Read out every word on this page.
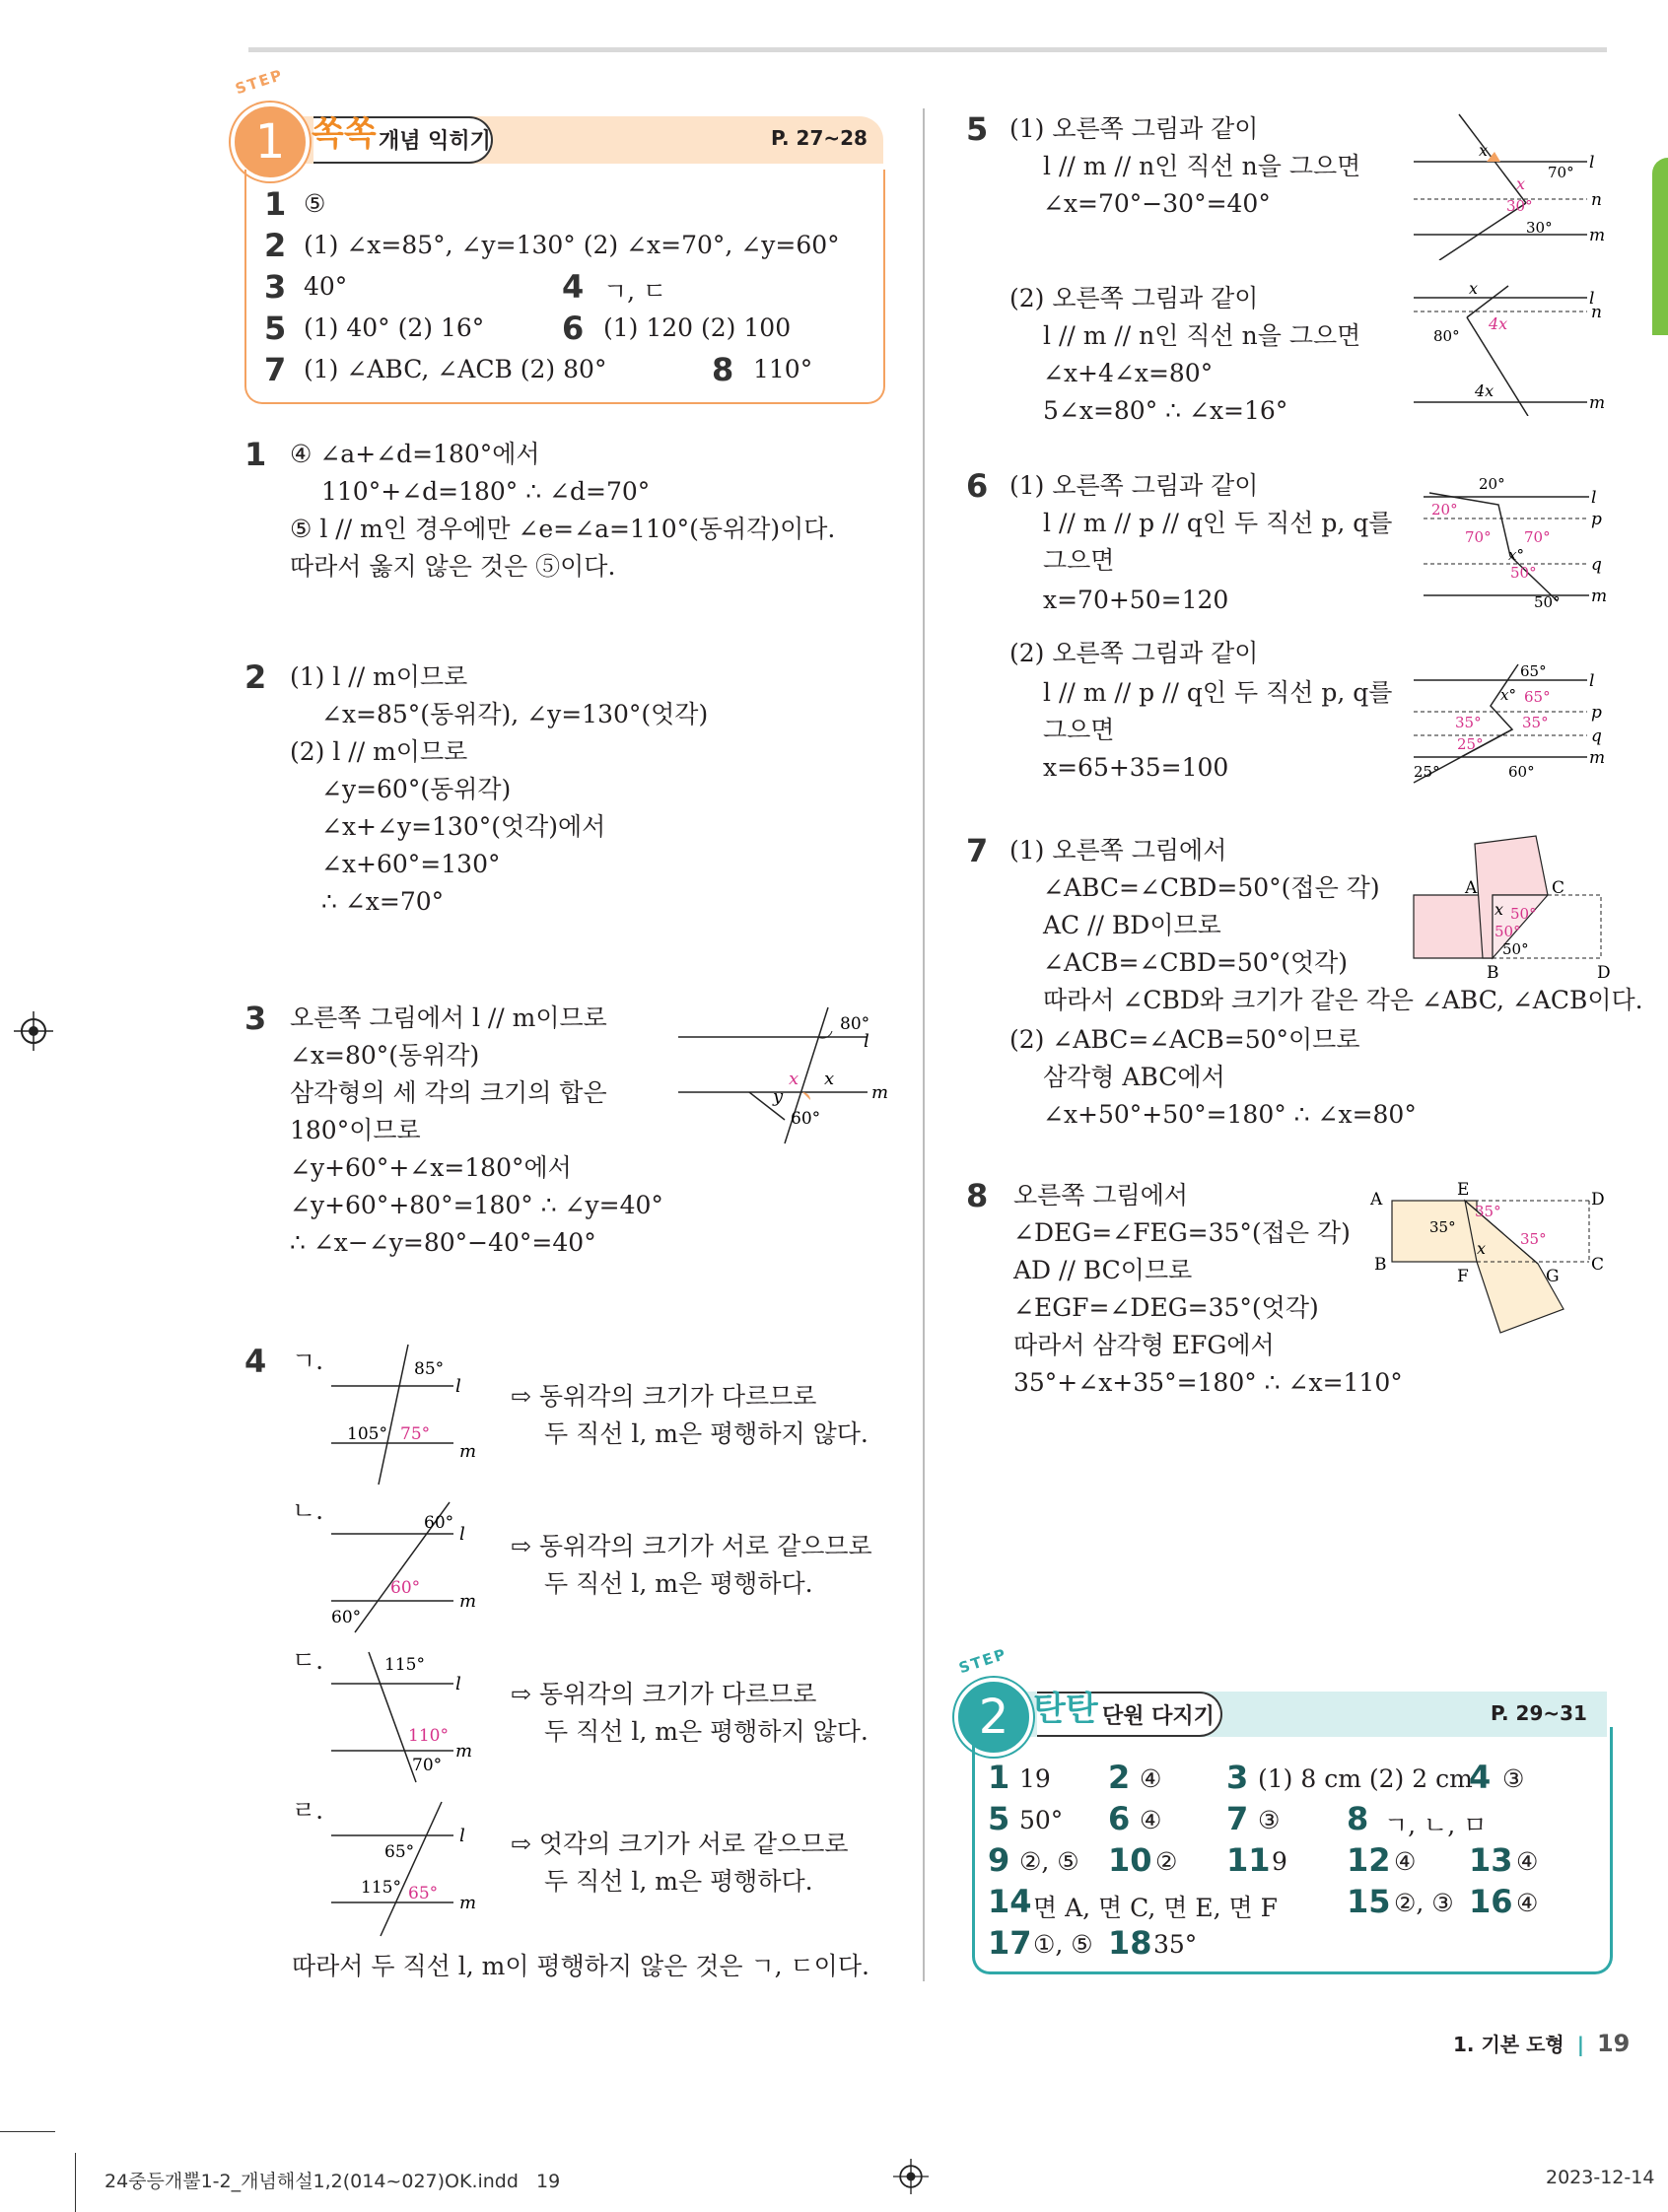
STEP
1 쏙쏙 개념 익히기	P. 27~28
1 ⑤
2 (1) ∠x=85°, ∠y=130° (2) ∠x=70°, ∠y=60°
3 40°	4 ㄱ, ㄷ
5 (1) 40° (2) 16° 6 (1) 120 (2) 100
7 (1) ∠ABC, ∠ACB (2) 80°	8 110°
1 ④ ∠a+∠d=180°에서
110°+∠d=180° ∴ ∠d=70°
⑤ l // m인 경우에만 ∠e=∠a=110°(동위각)이다.
따라서 옳지 않은 것은 ⑤이다.
2 (1) l // m이므로
∠x=85°(동위각), ∠y=130°(엇각)
(2) l // m이므로
∠y=60°(동위각)
∠x+∠y=130°(엇각)에서
∠x+60°=130°
∴ ∠x=70°
3 오른쪽 그림에서 l // m이므로
∠x=80°(동위각)
삼각형의 세 각의 크기의 합은
180°이므로
∠y+60°+∠x=180°에서
∠y+60°+80°=180° ∴ ∠y=40°
∴ ∠x−∠y=80°−40°=40°
80°
l
m
x x
y
60°
4 ㄱ.	85°
105° 75°
l
m
⇨ 동위각의 크기가 다르므로
두 직선 l, m은 평행하지 않다.
ㄴ.	60°
60°
60°
l
m
⇨ 동위각의 크기가 서로 같으므로
두 직선 l, m은 평행하다.
ㄷ.	115°
110°
70°
l
m
⇨ 동위각의 크기가 다르므로
두 직선 l, m은 평행하지 않다.
ㄹ.
65°
115° 65°
l
m
⇨ 엇각의 크기가 서로 같으므로
두 직선 l, m은 평행하다.
따라서 두 직선 l, m이 평행하지 않은 것은 ㄱ, ㄷ이다.
5 (1) 오른쪽 그림과 같이
l // m // n인 직선 n을 그으면
∠x=70°−30°=40°
x
70°
x
30°
30°
l
n
m
(2) 오른쪽 그림과 같이
l // m // n인 직선 n을 그으면
∠x+4∠x=80°
5∠x=80° ∴ ∠x=16°
x
4x
80°
4x
l
n
m
6 (1) 오른쪽 그림과 같이
l // m // p // q인 두 직선 p, q를
그으면
x=70+50=120
20°
20°
70° 70°
x°
50°
50°
l
p
q
m
(2) 오른쪽 그림과 같이
l // m // p // q인 두 직선 p, q를
그으면
x=65+35=100
65°
x° 65°
35°	35°
25°
25°	60°
l
p
q
m
7 (1) 오른쪽 그림에서
∠ABC=∠CBD=50°(접은 각)
AC // BD이므로
∠ACB=∠CBD=50°(엇각)
따라서 ∠CBD와 크기가 같은 각은 ∠ABC, ∠ACB이다.
(2) ∠ABC=∠ACB=50°이므로
삼각형 ABC에서
∠x+50°+50°=180° ∴ ∠x=80°
A	C
B	D
x 50°
50°
50°
8 오른쪽 그림에서
∠DEG=∠FEG=35°(접은 각)
AD // BC이므로
∠EGF=∠DEG=35°(엇각)
따라서 삼각형 EFG에서
35°+∠x+35°=180° ∴ ∠x=110°
A	E	D
B
F	G
C
35°
35°
35°
x
STEP
2 탄탄 단원 다지기	P. 29~31
1 19 2 ④ 3 (1) 8 cm (2) 2 cm
4 ③
5 50° 6 ④ 7 ③ 8 ㄱ, ㄴ, ㅁ
9 ②, ⑤ 10 ② 11 9 12 ④ 13 ④
14 면 A, 면 C, 면 E, 면 F 15 ②, ③ 16 ④
17 ①, ⑤ 18 35°
1. 기본 도형 | 19
24중등개뿔1-2_개념해설1,2(014~027)OK.indd   19	2023-12-14
